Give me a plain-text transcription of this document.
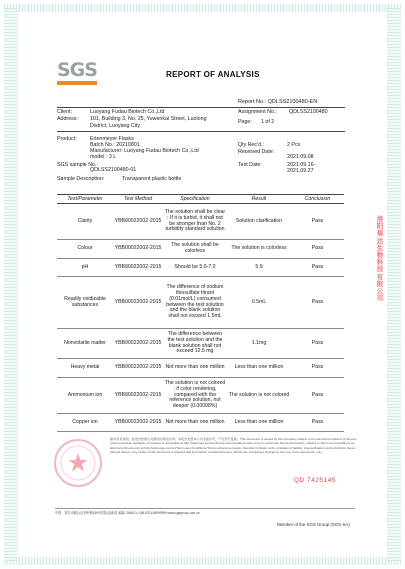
SGS	REPORT OF ANALYSIS
Report No.: QDLSS2100480-EN
Client:	Luoyang Fudau Biotech Co.,Ltd	Assignment No.: QDLSS2100480
Address: 101, Building 3, No. 25, Yuwenkai Street, Luolong
District, Luoyang City
Page: 1 of 2
Product:	Erlenmeyer Flasks
Batch No.: 20210801
Manufacturer: Luoyang Fudau Biotech Co.,Ltd
model : 3 L
Qty Rec'd.:	2 Pcs
Received Date:
2021.09.08
SGS sample No.:
QDLSS2100480-01
Test Date:	2021.09.16-
2021.09.27
Sample Description:	Transparent plastic bottle
Test/Parameter	Test Method	Specification	Result	Conclusion
Clarity	YBB00022002-2015	The solution shall be clear ; If it is turbid, it shall not be stronger than No. 2 turbidity standard solution	Solution clarification	Pass
Colour	YBB00022002-2015	The solution shall be colorless	The solution is colorless	Pass
pH	YBB00022002-2015	Should be 5.0-7.0	5.9	Pass
Readily oxidizable substances	YBB00022002-2015	The difference of sodium thiosulfate titrant (0.01mol/L) consumed between the test solution and the blank solution shall not exceed 1.5mL	0.5mL	Pass
Nonvolatile matter	YBB00022002-2015	The difference between the test solution and the blank solution shall not exceed 12.5 mg	1.1mg	Pass
Heavy metal	YBB00022002-2015	Not more than one million	Less than one million	Pass
Ammonium ion	YBB00022002-2015	The solution is not colored ; if color rendering, compared with the reference solution, not deeper (0.00008%)	The solution is not colored	Pass
Copper ion	YBB00022002-2015	Not more than one million	Less than one million	Pass
洛
阳
福
达
生
物
科
技
有
限
公
司
除非另有说明，此报告结果仅对测试的样品负责。本报告未经本公司书面许可，不可部分复制。This document is issued by the Company subject to its General Conditions of Service printed overleaf, available on request or accessible at http://www.sgs.com/en/Terms-and-Conditions.aspx and, for electronic format documents, subject to Terms and Conditions for Electronic Documents at http://www.sgs.com/en/Terms-and-Conditions/Terms-e-Document.aspx. Attention is drawn to the limitation of liability, indemnification and jurisdiction issues defined therein. Any holder of this document is advised that information contained hereon reflects the Company's findings at the time of its intervention only.
QD 7425145
中国 · 青岛市崂山区松岭路169号国际创新园 邮编: 266101 t (86-532) 68999999 www.sgsgroup.com.cn
Member of the SGS Group (SGS SA)
